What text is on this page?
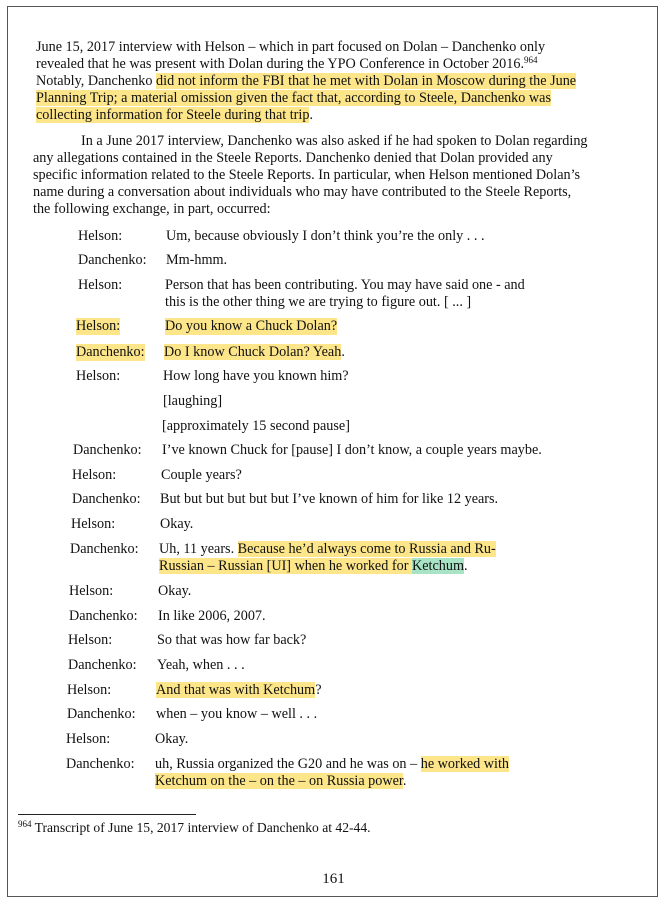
June 15, 2017 interview with Helson – which in part focused on Dolan – Danchenko only
revealed that he was present with Dolan during the YPO Conference in October 2016.$^{964}$
Notably, Danchenko did not inform the FBI that he met with Dolan in Moscow during the June
Planning Trip; a material omission given the fact that, according to Steele, Danchenko was
collecting information for Steele during that trip.
In a June 2017 interview, Danchenko was also asked if he had spoken to Dolan regarding
any allegations contained in the Steele Reports. Danchenko denied that Dolan provided any
specific information related to the Steele Reports. In particular, when Helson mentioned Dolan’s
name during a conversation about individuals who may have contributed to the Steele Reports,
the following exchange, in part, occurred:
Helson:	Um, because obviously I don’t think you’re the only . . .
Danchenko: Mm-hmm.
Helson:	Person that has been contributing. You may have said one - and
this is the other thing we are trying to figure out. [ ... ]
Helson:	Do you know a Chuck Dolan?
Danchenko: Do I know Chuck Dolan? Yeah.
Helson:	How long have you known him?
[laughing]
[approximately 15 second pause]
Danchenko: I’ve known Chuck for [pause] I don’t know, a couple years maybe.
Helson:	Couple years?
Danchenko: But but but but but but I’ve known of him for like 12 years.
Helson:	Okay.
Danchenko: Uh, 11 years. Because he’d always come to Russia and Ru-
Russian – Russian [UI] when he worked for Ketchum.
Helson:	Okay.
Danchenko: In like 2006, 2007.
Helson:	So that was how far back?
Danchenko: Yeah, when . . .
Helson:	And that was with Ketchum?
Danchenko: when – you know – well . . .
Helson:	Okay.
Danchenko: uh, Russia organized the G20 and he was on – he worked with
Ketchum on the – on the – on Russia power.
$^{964}$ Transcript of June 15, 2017 interview of Danchenko at 42-44.
161
